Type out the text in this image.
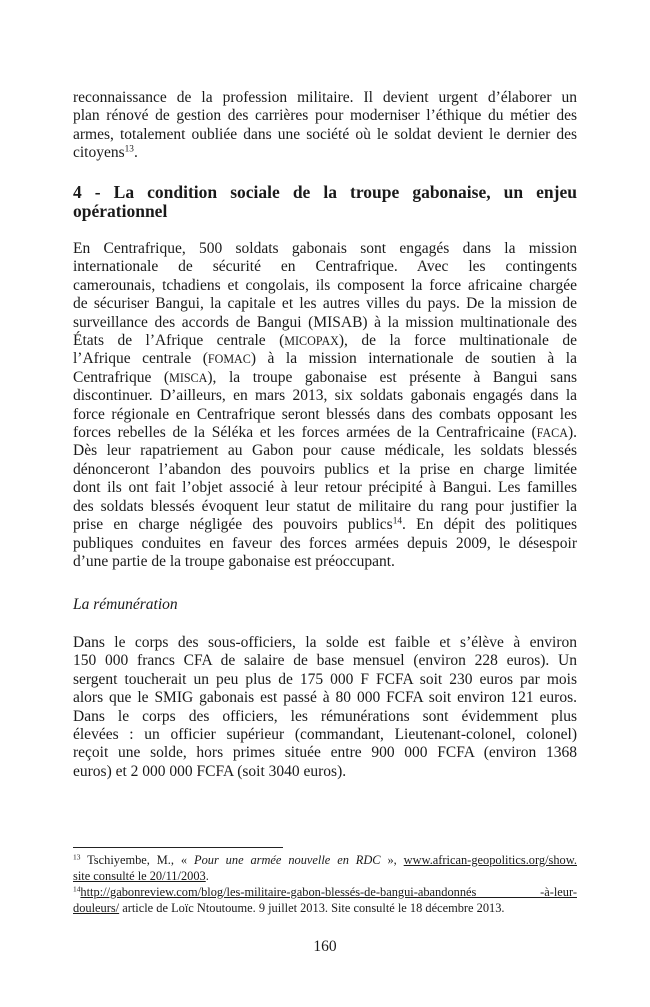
reconnaissance de la profession militaire. Il devient urgent d’élaborer un
plan rénové de gestion des carrières pour moderniser l’éthique du métier des
armes, totalement oubliée dans une société où le soldat devient le dernier des
citoyens$^{13}$.
4 - La condition sociale de la troupe gabonaise, un enjeu
opérationnel
En Centrafrique, 500 soldats gabonais sont engagés dans la mission
internationale de sécurité en Centrafrique. Avec les contingents
camerounais, tchadiens et congolais, ils composent la force africaine chargée
de sécuriser Bangui, la capitale et les autres villes du pays. De la mission de
surveillance des accords de Bangui (MISAB) à la mission multinationale des
États de l’Afrique centrale (MICOPAX), de la force multinationale de
l’Afrique centrale (FOMAC) à la mission internationale de soutien à la
Centrafrique (MISCA), la troupe gabonaise est présente à Bangui sans
discontinuer. D’ailleurs, en mars 2013, six soldats gabonais engagés dans la
force régionale en Centrafrique seront blessés dans des combats opposant les
forces rebelles de la Séléka et les forces armées de la Centrafricaine (FACA).
Dès leur rapatriement au Gabon pour cause médicale, les soldats blessés
dénonceront l’abandon des pouvoirs publics et la prise en charge limitée
dont ils ont fait l’objet associé à leur retour précipité à Bangui. Les familles
des soldats blessés évoquent leur statut de militaire du rang pour justifier la
prise en charge négligée des pouvoirs publics$^{14}$. En dépit des politiques
publiques conduites en faveur des forces armées depuis 2009, le désespoir
d’une partie de la troupe gabonaise est préoccupant.
La rémunération
Dans le corps des sous-officiers, la solde est faible et s’élève à environ
150 000 francs CFA de salaire de base mensuel (environ 228 euros). Un
sergent toucherait un peu plus de 175 000 F FCFA soit 230 euros par mois
alors que le SMIG gabonais est passé à 80 000 FCFA soit environ 121 euros.
Dans le corps des officiers, les rémunérations sont évidemment plus
élevées : un officier supérieur (commandant, Lieutenant-colonel, colonel)
reçoit une solde, hors primes située entre 900 000 FCFA (environ 1368
euros) et 2 000 000 FCFA (soit 3040 euros).
$^{13}$ Tschiyembe, M., « Pour une armée nouvelle en RDC », www.african-geopolitics.org/show.
site consulté le 20/11/2003.
$^{14}$http://gabonreview.com/blog/les-militaire-gabon-blessés-de-bangui-abandonnés -à-leur-
douleurs/ article de Loïc Ntoutoume. 9 juillet 2013. Site consulté le 18 décembre 2013.
160
